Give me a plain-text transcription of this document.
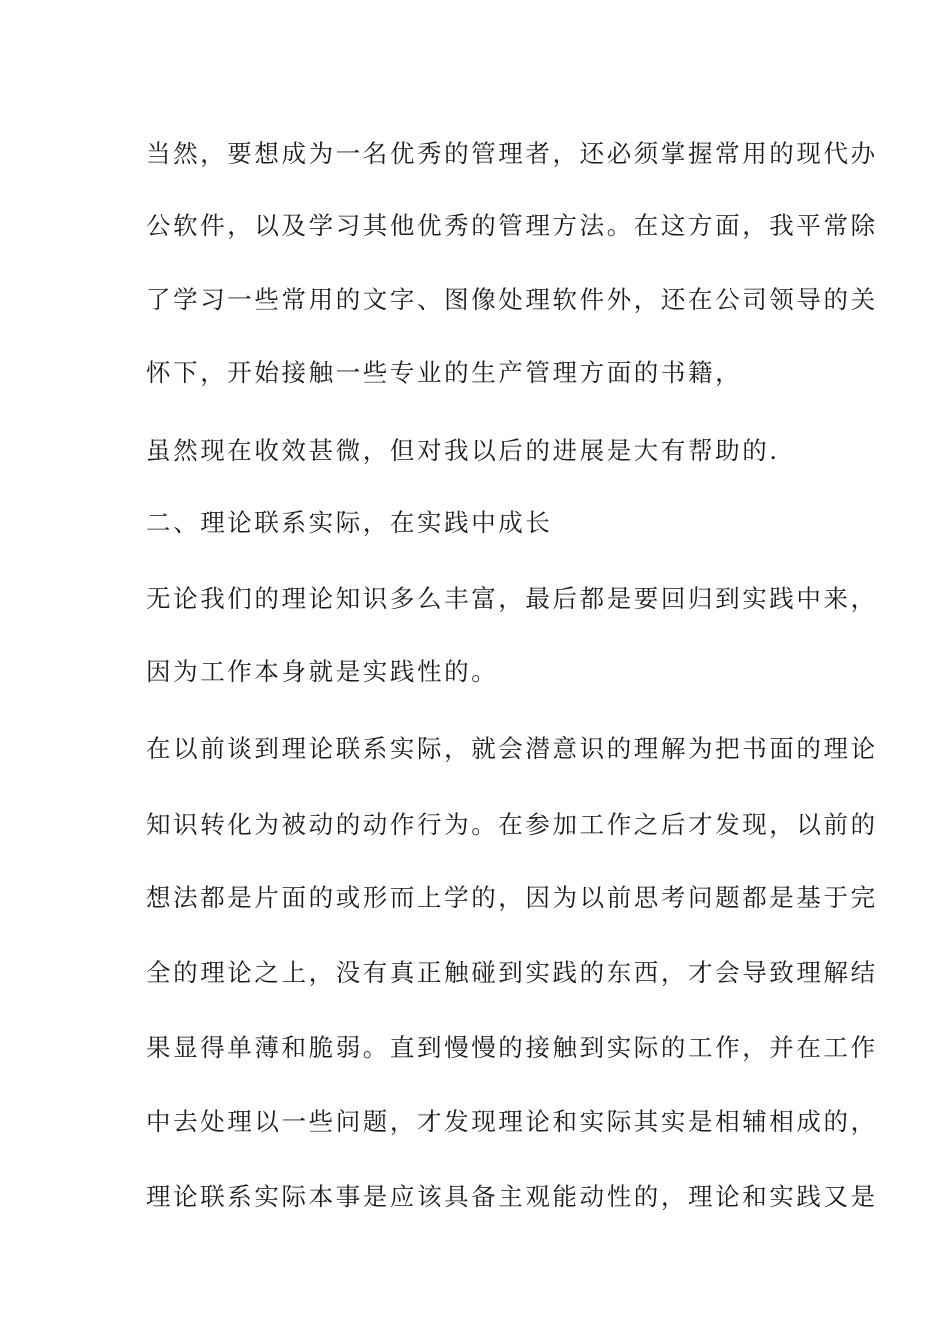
当然，要想成为一名优秀的管理者，还必须掌握常用的现代办
公软件，以及学习其他优秀的管理方法。在这方面，我平常除
了学习一些常用的文字、图像处理软件外，还在公司领导的关
怀下，开始接触一些专业的生产管理方面的书籍，
虽然现在收效甚微，但对我以后的进展是大有帮助的.
二、理论联系实际，在实践中成长
无论我们的理论知识多么丰富，最后都是要回归到实践中来，
因为工作本身就是实践性的。
在以前谈到理论联系实际，就会潜意识的理解为把书面的理论
知识转化为被动的动作行为。在参加工作之后才发现，以前的
想法都是片面的或形而上学的，因为以前思考问题都是基于完
全的理论之上，没有真正触碰到实践的东西，才会导致理解结
果显得单薄和脆弱。直到慢慢的接触到实际的工作，并在工作
中去处理以一些问题，才发现理论和实际其实是相辅相成的，
理论联系实际本事是应该具备主观能动性的，理论和实践又是
